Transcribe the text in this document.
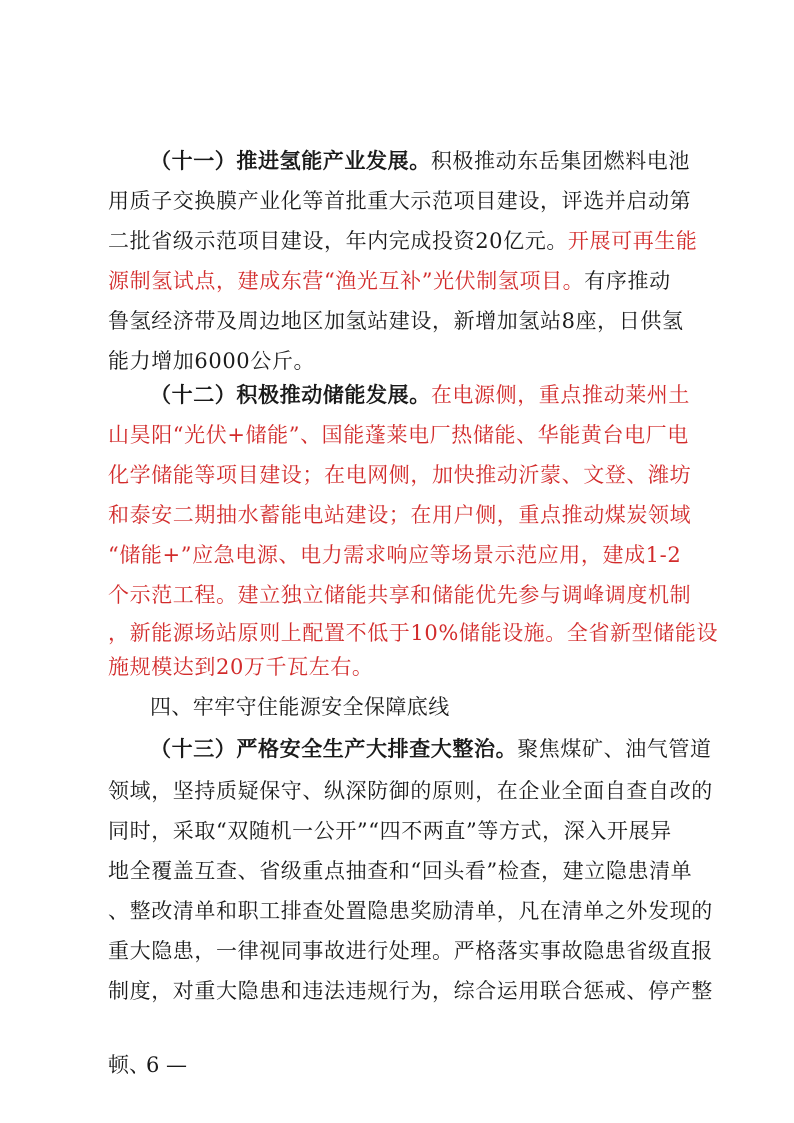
（十一）推进氢能产业发展。积极推动东岳集团燃料电池
用质子交换膜产业化等首批重大示范项目建设，评选并启动第
二批省级示范项目建设，年内完成投资20亿元。开展可再生能
源制氢试点，建成东营“渔光互补”光伏制氢项目。有序推动
鲁氢经济带及周边地区加氢站建设，新增加氢站8座，日供氢
能力增加6000公斤。
（十二）积极推动储能发展。在电源侧，重点推动莱州土
山昊阳“光伏+储能”、国能蓬莱电厂热储能、华能黄台电厂电
化学储能等项目建设；在电网侧，加快推动沂蒙、文登、潍坊
和泰安二期抽水蓄能电站建设；在用户侧，重点推动煤炭领域
“储能+”应急电源、电力需求响应等场景示范应用，建成1-2
个示范工程。建立独立储能共享和储能优先参与调峰调度机制
，新能源场站原则上配置不低于10%储能设施。全省新型储能设
施规模达到20万千瓦左右。
四、牢牢守住能源安全保障底线
（十三）严格安全生产大排查大整治。聚焦煤矿、油气管道
领域，坚持质疑保守、纵深防御的原则，在企业全面自查自改的
同时，采取“双随机一公开”“四不两直”等方式，深入开展异
地全覆盖互查、省级重点抽查和“回头看”检查，建立隐患清单
、整改清单和职工排查处置隐患奖励清单，凡在清单之外发现的
重大隐患，一律视同事故进行处理。严格落实事故隐患省级直报
制度，对重大隐患和违法违规行为，综合运用联合惩戒、停产整
顿、6 —
